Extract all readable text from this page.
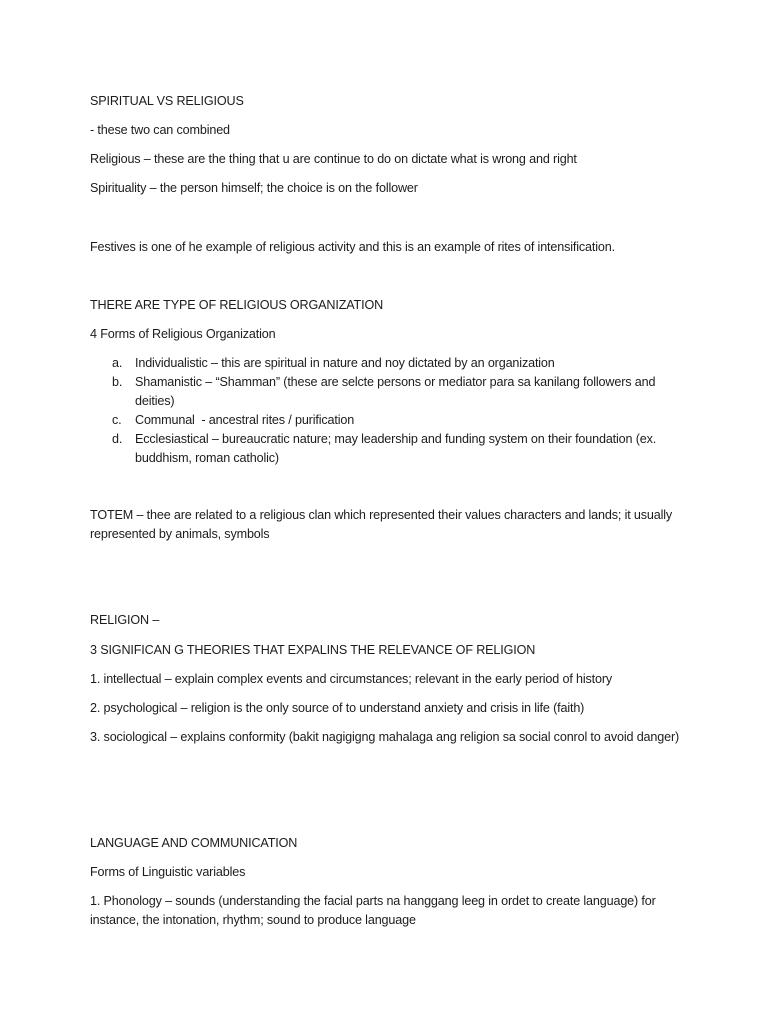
SPIRITUAL VS RELIGIOUS
- these two can combined
Religious – these are the thing that u are continue to do on dictate what is wrong and right
Spirituality – the person himself; the choice is on the follower
Festives is one of he example of religious activity and this is an example of rites of intensification.
THERE ARE TYPE OF RELIGIOUS ORGANIZATION
4 Forms of Religious Organization
a. Individualistic – this are spiritual in nature and noy dictated by an organization
b. Shamanistic – “Shamman” (these are selcte persons or mediator para sa kanilang followers and deities)
c. Communal  - ancestral rites / purification
d. Ecclesiastical – bureaucratic nature; may leadership and funding system on their foundation (ex. buddhism, roman catholic)
TOTEM – thee are related to a religious clan which represented their values characters and lands; it usually represented by animals, symbols
RELIGION –
3 SIGNIFICAN G THEORIES THAT EXPALINS THE RELEVANCE OF RELIGION
1. intellectual – explain complex events and circumstances; relevant in the early period of history
2. psychological – religion is the only source of to understand anxiety and crisis in life (faith)
3. sociological – explains conformity (bakit nagigigng mahalaga ang religion sa social conrol to avoid danger)
LANGUAGE AND COMMUNICATION
Forms of Linguistic variables
1. Phonology – sounds (understanding the facial parts na hanggang leeg in ordet to create language) for instance, the intonation, rhythm; sound to produce language
